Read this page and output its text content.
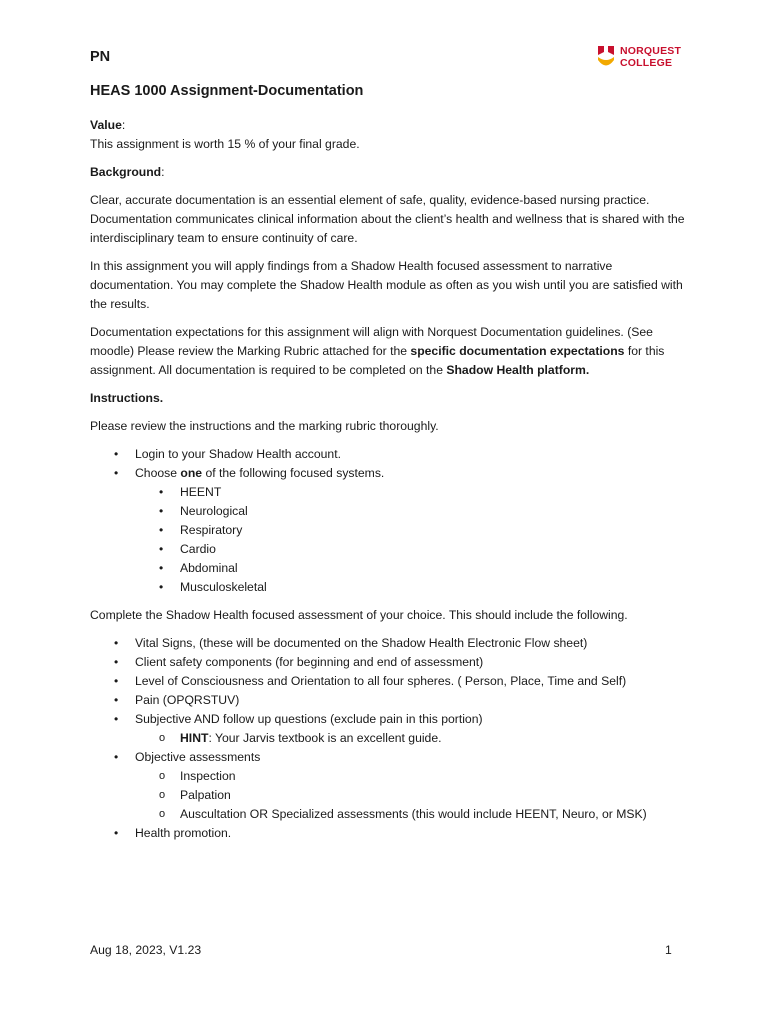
PN	NORQUEST
COLLEGE
HEAS 1000 Assignment-Documentation

Value:

This assignment is worth 15 % of your final grade.

Background:

Clear, accurate documentation is an essential element of safe, quality, evidence-based nursing practice. Documentation communicates clinical information about the client’s health and wellness that is shared with the interdisciplinary team to ensure continuity of care.

In this assignment you will apply findings from a Shadow Health focused assessment to narrative documentation. You may complete the Shadow Health module as often as you wish until you are satisfied with the results.

Documentation expectations for this assignment will align with Norquest Documentation guidelines. (See moodle) Please review the Marking Rubric attached for the specific documentation expectations for this assignment. All documentation is required to be completed on the Shadow Health platform.

Instructions.

Please review the instructions and the marking rubric thoroughly.

• Login to your Shadow Health account.
• Choose one of the following focused systems.
• HEENT
• Neurological
• Respiratory
• Cardio
• Abdominal
• Musculoskeletal

Complete the Shadow Health focused assessment of your choice. This should include the following.

• Vital Signs, (these will be documented on the Shadow Health Electronic Flow sheet)
• Client safety components (for beginning and end of assessment)
• Level of Consciousness and Orientation to all four spheres. ( Person, Place, Time and Self)
• Pain (OPQRSTUV)
• Subjective AND follow up questions (exclude pain in this portion)
o HINT: Your Jarvis textbook is an excellent guide.
• Objective assessments
o Inspection
o Palpation
o Auscultation OR Specialized assessments (this would include HEENT, Neuro, or MSK)
• Health promotion.
Aug 18, 2023, V1.23	1
